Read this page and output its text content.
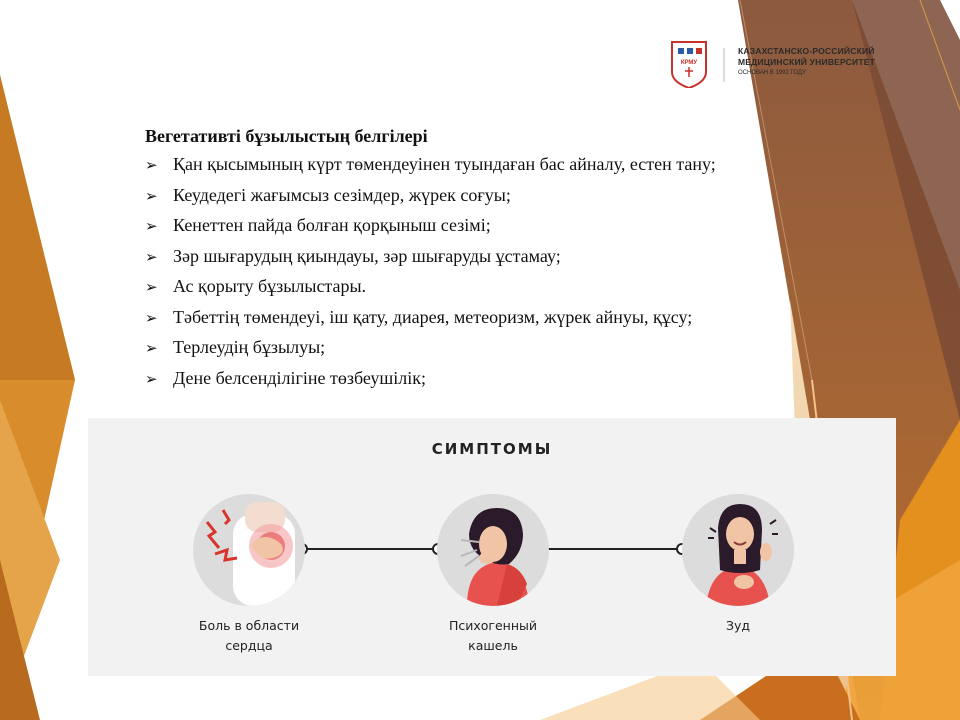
КРМУ
КАЗАХСТАНСКО-РОССИЙСКИЙ
МЕДИЦИНСКИЙ УНИВЕРСИТЕТ
ОСНОВАН В 1992 ГОДУ
Вегетативті бұзылыстың белгілері
➢ Қан қысымының күрт төмендеуінен туындаған бас айналу, естен тану;
➢ Кеудедегі жағымсыз сезімдер, жүрек соғуы;
➢ Кенеттен пайда болған қорқыныш сезімі;
➢ Зәр шығарудың қиындауы, зәр шығаруды ұстамау;
➢ Ас қорыту бұзылыстары.
➢ Тәбеттің төмендеуі, іш қату, диарея, метеоризм, жүрек айнуы, құсу;
➢ Терлеудің бұзылуы;
➢ Дене белсенділігіне төзбеушілік;
СИМПТОМЫ
Боль в области
сердца
Психогенный
кашель
Зуд
